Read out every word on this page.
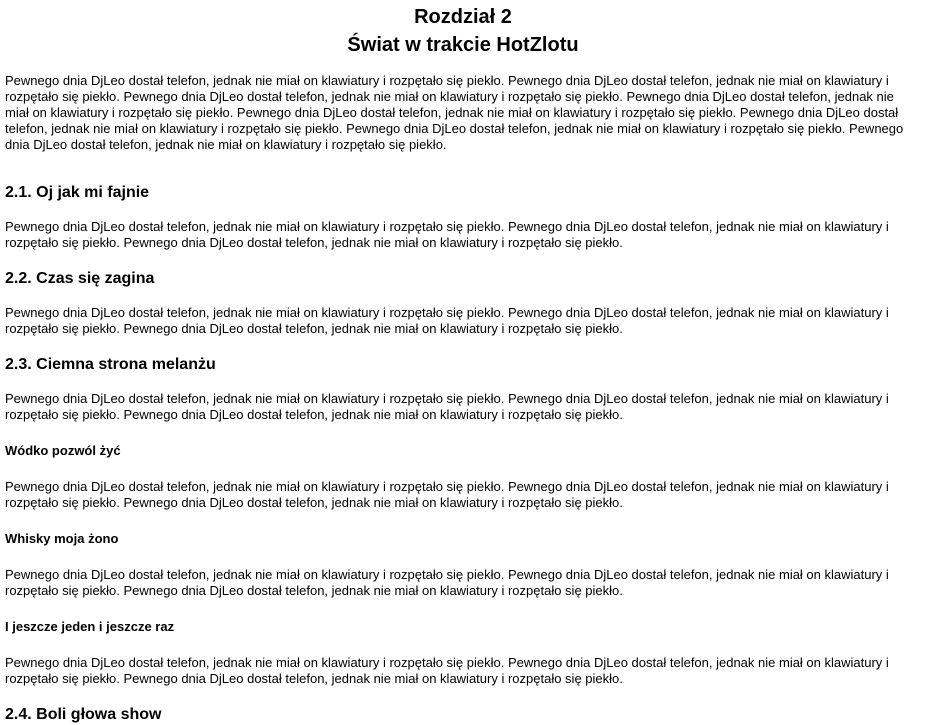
Rozdział 2
Świat w trakcie HotZlotu

Pewnego dnia DjLeo dostał telefon, jednak nie miał on klawiatury i rozpętało się piekło. Pewnego dnia DjLeo dostał telefon, jednak nie miał on klawiatury i rozpętało się piekło. Pewnego dnia DjLeo dostał telefon, jednak nie miał on klawiatury i rozpętało się piekło. Pewnego dnia DjLeo dostał telefon, jednak nie miał on klawiatury i rozpętało się piekło. Pewnego dnia DjLeo dostał telefon, jednak nie miał on klawiatury i rozpętało się piekło. Pewnego dnia DjLeo dostał telefon, jednak nie miał on klawiatury i rozpętało się piekło. Pewnego dnia DjLeo dostał telefon, jednak nie miał on klawiatury i rozpętało się piekło. Pewnego dnia DjLeo dostał telefon, jednak nie miał on klawiatury i rozpętało się piekło.

2.1. Oj jak mi fajnie

Pewnego dnia DjLeo dostał telefon, jednak nie miał on klawiatury i rozpętało się piekło. Pewnego dnia DjLeo dostał telefon, jednak nie miał on klawiatury i rozpętało się piekło. Pewnego dnia DjLeo dostał telefon, jednak nie miał on klawiatury i rozpętało się piekło.

2.2. Czas się zagina

Pewnego dnia DjLeo dostał telefon, jednak nie miał on klawiatury i rozpętało się piekło. Pewnego dnia DjLeo dostał telefon, jednak nie miał on klawiatury i rozpętało się piekło. Pewnego dnia DjLeo dostał telefon, jednak nie miał on klawiatury i rozpętało się piekło.

2.3. Ciemna strona melanżu

Pewnego dnia DjLeo dostał telefon, jednak nie miał on klawiatury i rozpętało się piekło. Pewnego dnia DjLeo dostał telefon, jednak nie miał on klawiatury i rozpętało się piekło. Pewnego dnia DjLeo dostał telefon, jednak nie miał on klawiatury i rozpętało się piekło.

Wódko pozwól żyć

Pewnego dnia DjLeo dostał telefon, jednak nie miał on klawiatury i rozpętało się piekło. Pewnego dnia DjLeo dostał telefon, jednak nie miał on klawiatury i rozpętało się piekło. Pewnego dnia DjLeo dostał telefon, jednak nie miał on klawiatury i rozpętało się piekło.

Whisky moja żono

Pewnego dnia DjLeo dostał telefon, jednak nie miał on klawiatury i rozpętało się piekło. Pewnego dnia DjLeo dostał telefon, jednak nie miał on klawiatury i rozpętało się piekło. Pewnego dnia DjLeo dostał telefon, jednak nie miał on klawiatury i rozpętało się piekło.

I jeszcze jeden i jeszcze raz

Pewnego dnia DjLeo dostał telefon, jednak nie miał on klawiatury i rozpętało się piekło. Pewnego dnia DjLeo dostał telefon, jednak nie miał on klawiatury i rozpętało się piekło. Pewnego dnia DjLeo dostał telefon, jednak nie miał on klawiatury i rozpętało się piekło.

2.4. Boli głowa show
